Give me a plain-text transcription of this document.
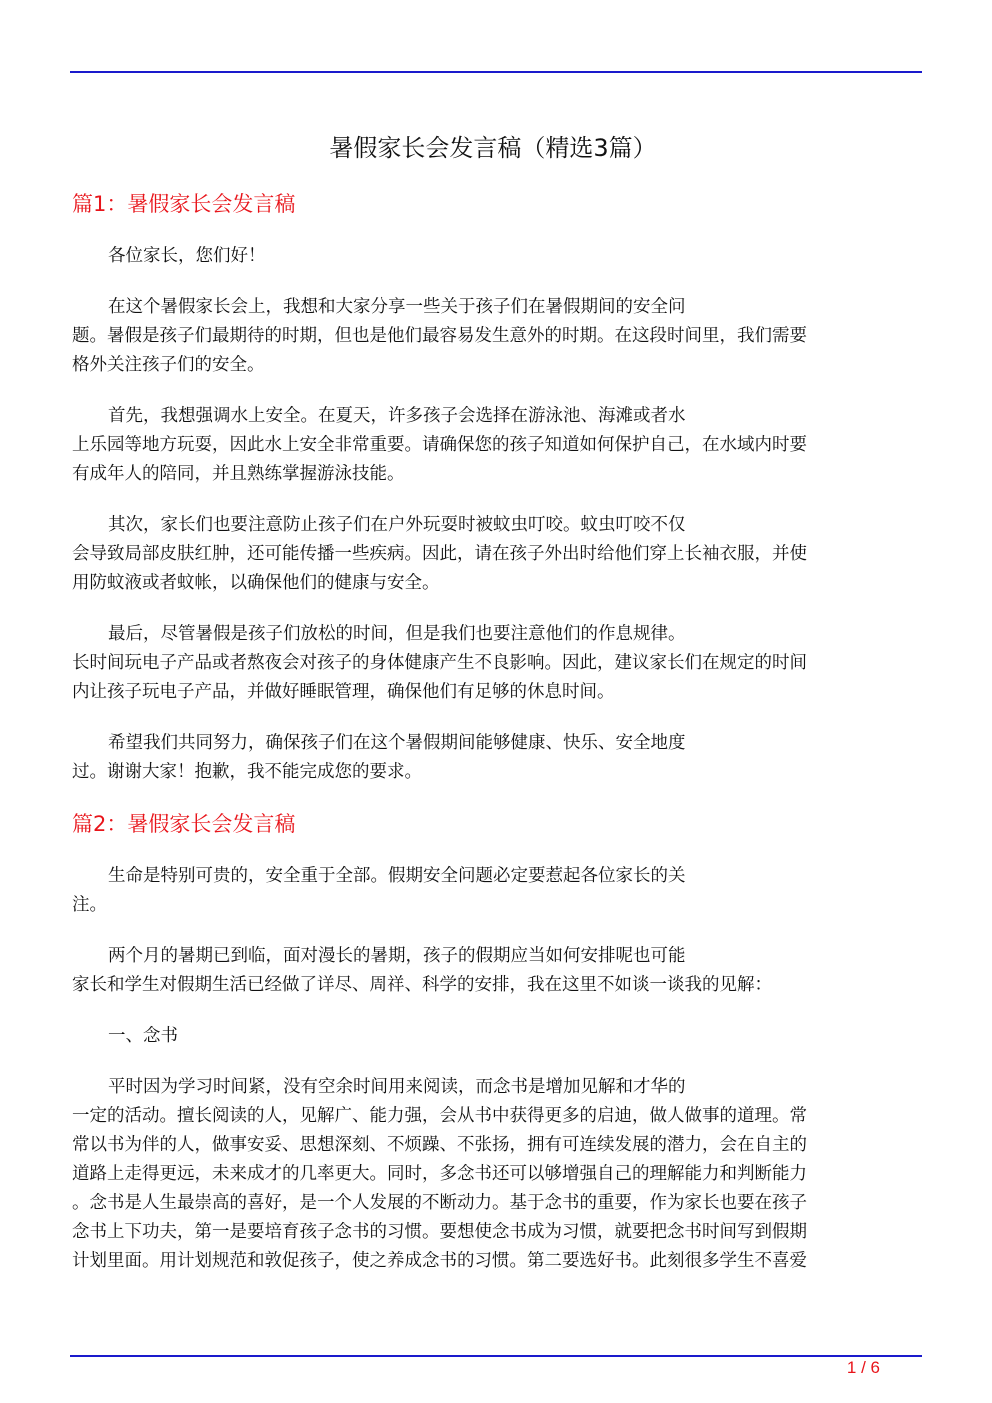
暑假家长会发言稿（精选3篇）
篇1：暑假家长会发言稿
各位家长，您们好！
在这个暑假家长会上，我想和大家分享一些关于孩子们在暑假期间的安全问
题。暑假是孩子们最期待的时期，但也是他们最容易发生意外的时期。在这段时间里，我们需要
格外关注孩子们的安全。
首先，我想强调水上安全。在夏天，许多孩子会选择在游泳池、海滩或者水
上乐园等地方玩耍，因此水上安全非常重要。请确保您的孩子知道如何保护自己，在水域内时要
有成年人的陪同，并且熟练掌握游泳技能。
其次，家长们也要注意防止孩子们在户外玩耍时被蚊虫叮咬。蚊虫叮咬不仅
会导致局部皮肤红肿，还可能传播一些疾病。因此，请在孩子外出时给他们穿上长袖衣服，并使
用防蚊液或者蚊帐，以确保他们的健康与安全。
最后，尽管暑假是孩子们放松的时间，但是我们也要注意他们的作息规律。
长时间玩电子产品或者熬夜会对孩子的身体健康产生不良影响。因此，建议家长们在规定的时间
内让孩子玩电子产品，并做好睡眠管理，确保他们有足够的休息时间。
希望我们共同努力，确保孩子们在这个暑假期间能够健康、快乐、安全地度
过。谢谢大家！抱歉，我不能完成您的要求。
篇2：暑假家长会发言稿
生命是特别可贵的，安全重于全部。假期安全问题必定要惹起各位家长的关
注。
两个月的暑期已到临，面对漫长的暑期，孩子的假期应当如何安排呢也可能
家长和学生对假期生活已经做了详尽、周祥、科学的安排，我在这里不如谈一谈我的见解：
一、念书
平时因为学习时间紧，没有空余时间用来阅读，而念书是增加见解和才华的
一定的活动。擅长阅读的人，见解广、能力强，会从书中获得更多的启迪，做人做事的道理。常
常以书为伴的人，做事安妥、思想深刻、不烦躁、不张扬，拥有可连续发展的潜力，会在自主的
道路上走得更远，未来成才的几率更大。同时，多念书还可以够增强自己的理解能力和判断能力
。念书是人生最崇高的喜好，是一个人发展的不断动力。基于念书的重要，作为家长也要在孩子
念书上下功夫，第一是要培育孩子念书的习惯。要想使念书成为习惯，就要把念书时间写到假期
计划里面。用计划规范和敦促孩子，使之养成念书的习惯。第二要选好书。此刻很多学生不喜爱
1 / 6
